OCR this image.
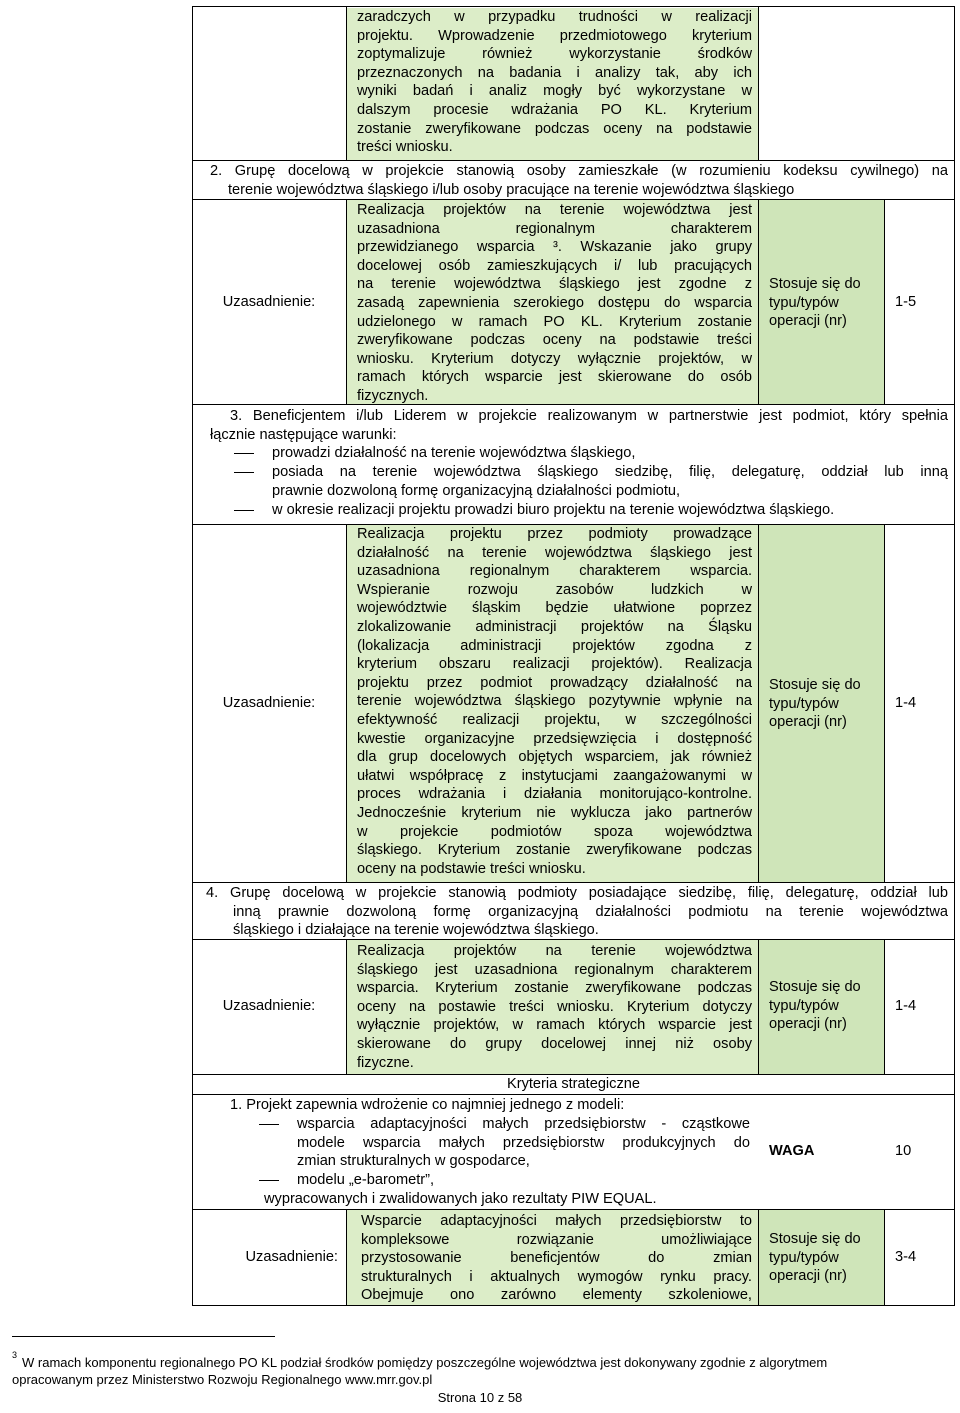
zaradczych w przypadku trudności w realizacji
projektu. Wprowadzenie przedmiotowego kryterium
zoptymalizuje również wykorzystanie środków
przeznaczonych na badania i analizy tak, aby ich
wyniki badań i analiz mogły być wykorzystane w
dalszym procesie wdrażania PO KL. Kryterium
zostanie zweryfikowane podczas oceny na podstawie
treści wniosku.
2. Grupę docelową w projekcie stanowią osoby zamieszkałe (w rozumieniu kodeksu cywilnego) na
terenie województwa śląskiego i/lub osoby pracujące na terenie województwa śląskiego
Uzasadnienie:
Realizacja projektów na terenie województwa jest
uzasadniona regionalnym charakterem
przewidzianego wsparcia ³. Wskazanie jako grupy
docelowej osób zamieszkujących i/ lub pracujących
na terenie województwa śląskiego jest zgodne z
zasadą zapewnienia szerokiego dostępu do wsparcia
udzielonego w ramach PO KL. Kryterium zostanie
zweryfikowane podczas oceny na podstawie treści
wniosku. Kryterium dotyczy wyłącznie projektów, w
ramach których wsparcie jest skierowane do osób
fizycznych.
Stosuje się do
typu/typów
operacji (nr)
1-5
3. Beneficjentem i/lub Liderem w projekcie realizowanym w partnerstwie jest podmiot, który spełnia
łącznie następujące warunki:
prowadzi działalność na terenie województwa śląskiego,
posiada na terenie województwa śląskiego siedzibę, filię, delegaturę, oddział lub inną
prawnie dozwoloną formę organizacyjną działalności podmiotu,
w okresie realizacji projektu prowadzi biuro projektu na terenie województwa śląskiego.
Uzasadnienie:
Realizacja projektu przez podmioty prowadzące
działalność na terenie województwa śląskiego jest
uzasadniona regionalnym charakterem wsparcia.
Wspieranie rozwoju zasobów ludzkich w
województwie śląskim będzie ułatwione poprzez
zlokalizowanie administracji projektów na Śląsku
(lokalizacja administracji projektów zgodna z
kryterium obszaru realizacji projektów). Realizacja
projektu przez podmiot prowadzący działalność na
terenie województwa śląskiego pozytywnie wpłynie na
efektywność realizacji projektu, w szczególności
kwestie organizacyjne przedsięwzięcia i dostępność
dla grup docelowych objętych wsparciem, jak również
ułatwi współpracę z instytucjami zaangażowanymi w
proces wdrażania i działania monitorująco-kontrolne.
Jednocześnie kryterium nie wyklucza jako partnerów
w projekcie podmiotów spoza województwa
śląskiego. Kryterium zostanie zweryfikowane podczas
oceny na podstawie treści wniosku.
Stosuje się do
typu/typów
operacji (nr)
1-4
4. Grupę docelową w projekcie stanowią podmioty posiadające siedzibę, filię, delegaturę, oddział lub
inną prawnie dozwoloną formę organizacyjną działalności podmiotu na terenie województwa
śląskiego i działające na terenie województwa śląskiego.
Uzasadnienie:
Realizacja projektów na terenie województwa
śląskiego jest uzasadniona regionalnym charakterem
wsparcia. Kryterium zostanie zweryfikowane podczas
oceny na postawie treści wniosku. Kryterium dotyczy
wyłącznie projektów, w ramach których wsparcie jest
skierowane do grupy docelowej innej niż osoby
fizyczne.
Stosuje się do
typu/typów
operacji (nr)
1-4
Kryteria strategiczne
1. Projekt zapewnia wdrożenie co najmniej jednego z modeli:
wsparcia adaptacyjności małych przedsiębiorstw - cząstkowe
modele wsparcia małych przedsiębiorstw produkcyjnych do
zmian strukturalnych w gospodarce,
modelu „e-barometr”,
wypracowanych i zwalidowanych jako rezultaty PIW EQUAL.
WAGA	10
Uzasadnienie:
Wsparcie adaptacyjności małych przedsiębiorstw to
kompleksowe rozwiązanie umożliwiające
przystosowanie beneficjentów do zmian
strukturalnych i aktualnych wymogów rynku pracy.
Obejmuje ono zarówno elementy szkoleniowe,
Stosuje się do
typu/typów
operacji (nr)
3-4
3 W ramach komponentu regionalnego PO KL podział środków pomiędzy poszczególne województwa jest dokonywany zgodnie z algorytmem
opracowanym przez Ministerstwo Rozwoju Regionalnego www.mrr.gov.pl
Strona 10 z 58
